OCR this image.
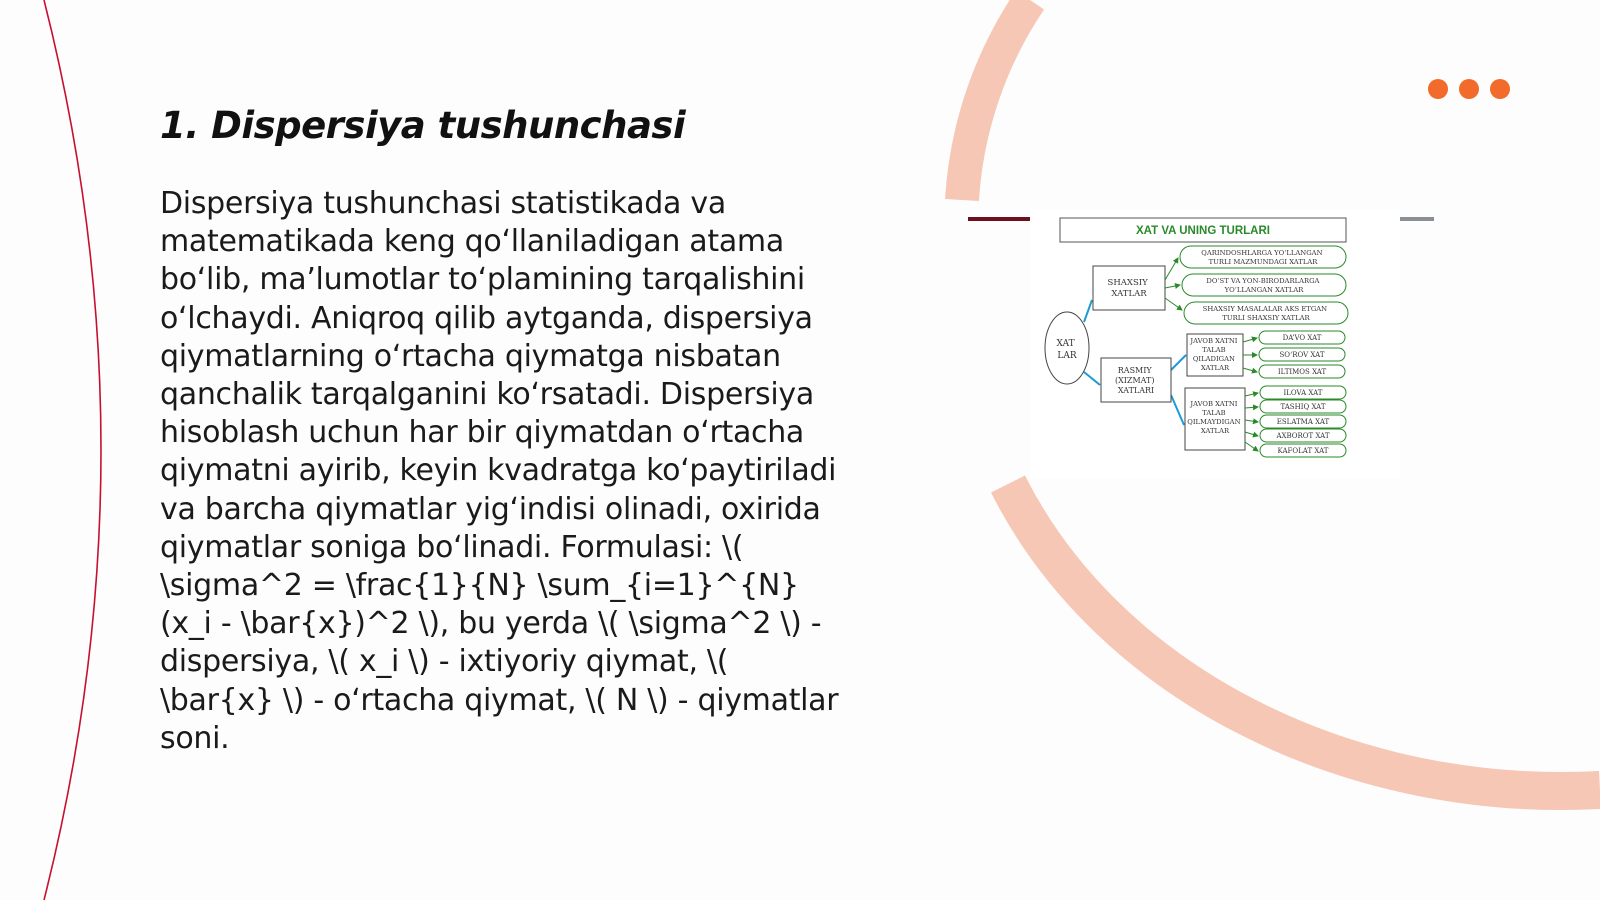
1. Dispersiya tushunchasi

Dispersiya tushunchasi statistikada va matematikada keng qo‘llaniladigan atama bo‘lib, ma’lumotlar to‘plamining tarqalishini o‘lchaydi. Aniqroq qilib aytganda, dispersiya qiymatlarning o‘rtacha qiymatga nisbatan qanchalik tarqalganini ko‘rsatadi. Dispersiya hisoblash uchun har bir qiymatdan o‘rtacha qiymatni ayirib, keyin kvadratga ko‘paytiriladi va barcha qiymatlar yig‘indisi olinadi, oxirida qiymatlar soniga bo‘linadi. Formulasi: \( \sigma^2 = \frac{1}{N} \sum_{i=1}^{N} (x_i - \bar{x})^2 \), bu yerda \( \sigma^2 \) - dispersiya, \( x_i \) - ixtiyoriy qiymat, \( \bar{x} \) - o‘rtacha qiymat, \( N \) - qiymatlar soni.

XAT VA UNING TURLARI
XAT LAR
SHAXSIY XATLAR
RASMIY (XIZMAT) XATLARI
QARINDOSHLARGA YO‘LLANGAN TURLI MAZMUNDAGI XATLAR
DO‘ST VA YON-BIRODARLARGA YO‘LLANGAN XATLAR
SHAXSIY MASALALAR AKS ETGAN TURLI SHAXSIY XATLAR
JAVOB XATNI TALAB QILADIGAN XATLAR
DA’VO XAT
SO‘ROV XAT
ILTIMOS XAT
JAVOB XATNI TALAB QILMAYDIGAN XATLAR
ILOVA XAT
TASHIQ XAT
ESLATMA XAT
AXBOROT XAT
KAFOLAT XAT
